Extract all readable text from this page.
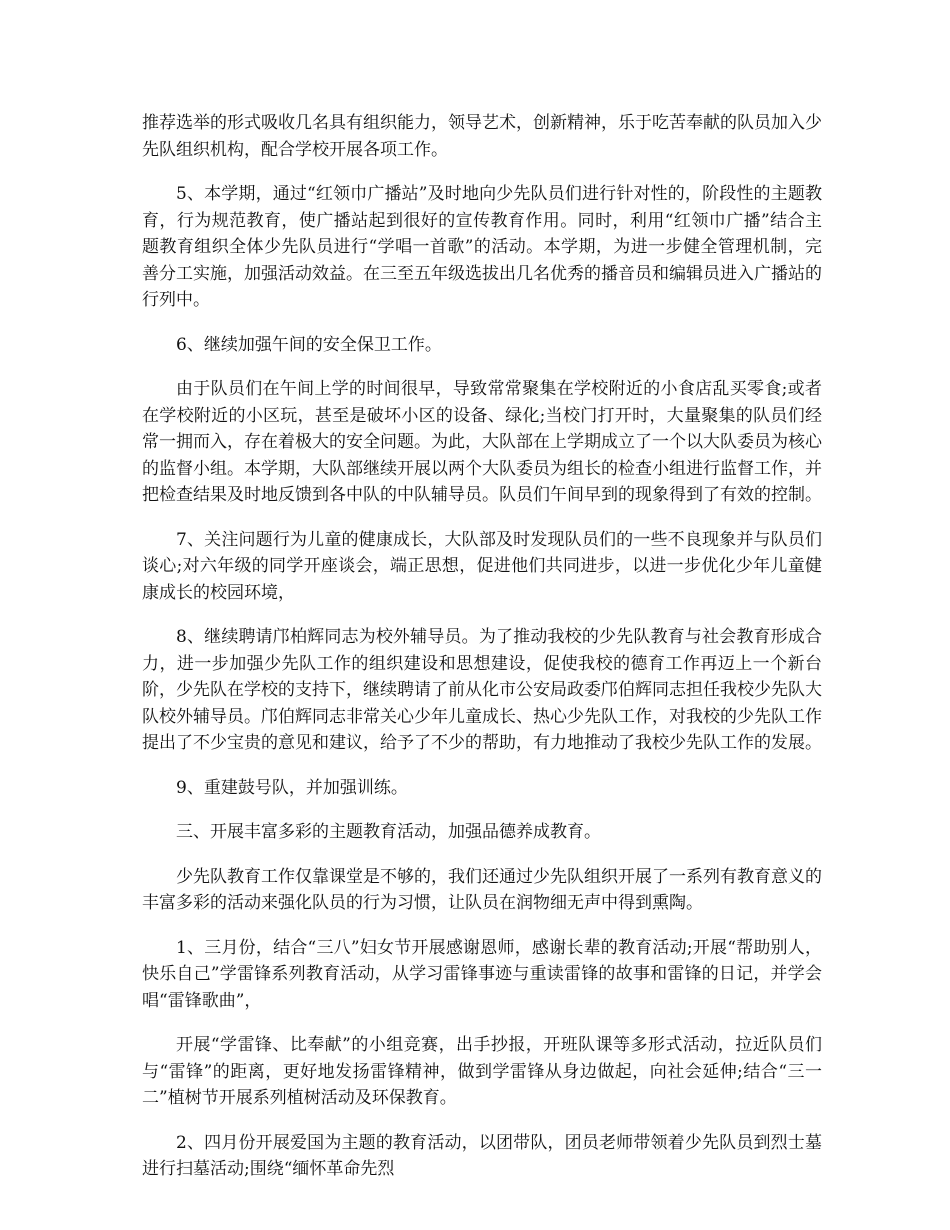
推荐选举的形式吸收几名具有组织能力，领导艺术，创新精神，乐于吃苦奉献的队员加入少先队组织机构，配合学校开展各项工作。

5、本学期，通过“红领巾广播站”及时地向少先队员们进行针对性的，阶段性的主题教育，行为规范教育，使广播站起到很好的宣传教育作用。同时，利用“红领巾广播”结合主题教育组织全体少先队员进行“学唱一首歌”的活动。本学期，为进一步健全管理机制，完善分工实施，加强活动效益。在三至五年级选拔出几名优秀的播音员和编辑员进入广播站的行列中。

6、继续加强午间的安全保卫工作。

由于队员们在午间上学的时间很早，导致常常聚集在学校附近的小食店乱买零食;或者在学校附近的小区玩，甚至是破坏小区的设备、绿化;当校门打开时，大量聚集的队员们经常一拥而入，存在着极大的安全问题。为此，大队部在上学期成立了一个以大队委员为核心的监督小组。本学期，大队部继续开展以两个大队委员为组长的检查小组进行监督工作，并把检查结果及时地反馈到各中队的中队辅导员。队员们午间早到的现象得到了有效的控制。

7、关注问题行为儿童的健康成长，大队部及时发现队员们的一些不良现象并与队员们谈心;对六年级的同学开座谈会，端正思想，促进他们共同进步，以进一步优化少年儿童健康成长的校园环境，

8、继续聘请邝柏辉同志为校外辅导员。为了推动我校的少先队教育与社会教育形成合力，进一步加强少先队工作的组织建设和思想建设，促使我校的德育工作再迈上一个新台阶，少先队在学校的支持下，继续聘请了前从化市公安局政委邝伯辉同志担任我校少先队大队校外辅导员。邝伯辉同志非常关心少年儿童成长、热心少先队工作，对我校的少先队工作提出了不少宝贵的意见和建议，给予了不少的帮助，有力地推动了我校少先队工作的发展。

9、重建鼓号队，并加强训练。

三、开展丰富多彩的主题教育活动，加强品德养成教育。

少先队教育工作仅靠课堂是不够的，我们还通过少先队组织开展了一系列有教育意义的丰富多彩的活动来强化队员的行为习惯，让队员在润物细无声中得到熏陶。

1、三月份，结合“三八”妇女节开展感谢恩师，感谢长辈的教育活动;开展“帮助别人，快乐自己”学雷锋系列教育活动，从学习雷锋事迹与重读雷锋的故事和雷锋的日记，并学会唱“雷锋歌曲”，

开展“学雷锋、比奉献”的小组竞赛，出手抄报，开班队课等多形式活动，拉近队员们与“雷锋”的距离，更好地发扬雷锋精神，做到学雷锋从身边做起，向社会延伸;结合“三一二”植树节开展系列植树活动及环保教育。

2、四月份开展爱国为主题的教育活动，以团带队，团员老师带领着少先队员到烈士墓进行扫墓活动;围绕“缅怀革命先烈
